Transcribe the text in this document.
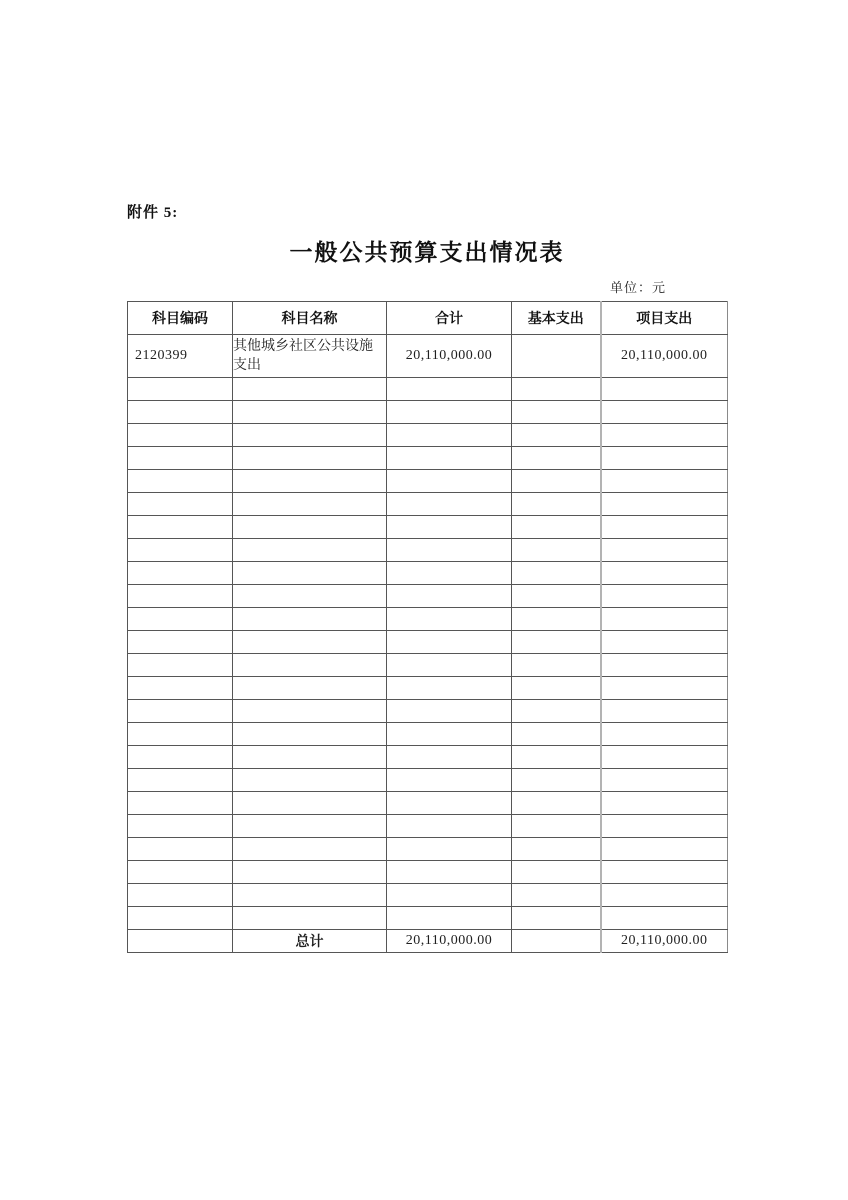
附件 5:
一般公共预算支出情况表
单位：元
科目编码	科目名称	合计	基本支出	项目支出
2120399	其他城乡社区公共设施支出	20,110,000.00		20,110,000.00

	总计	20,110,000.00		20,110,000.00
